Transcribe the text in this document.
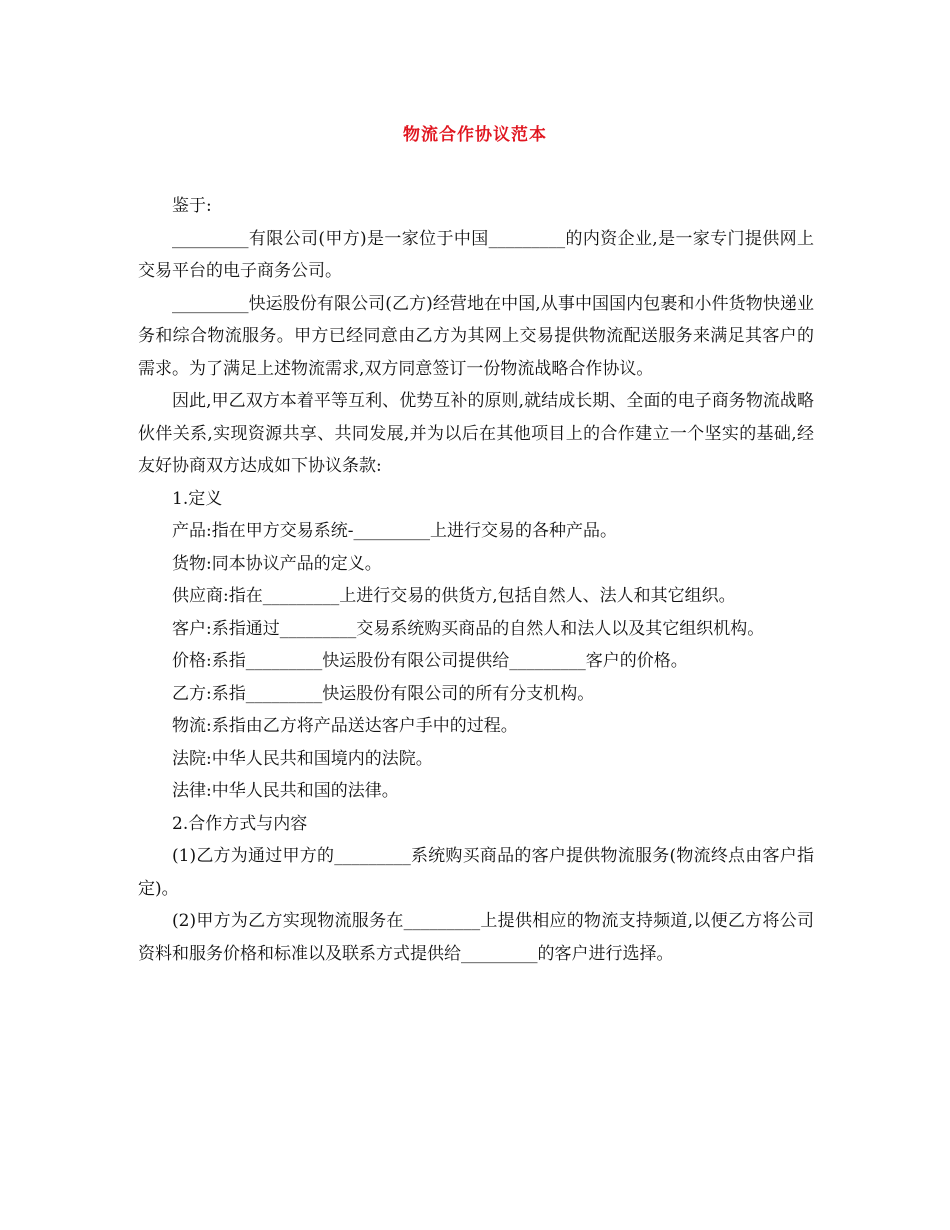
物流合作协议范本

鉴于:

_________有限公司(甲方)是一家位于中国_________的内资企业,是一家专门提供网上交易平台的电子商务公司。

_________快运股份有限公司(乙方)经营地在中国,从事中国国内包裹和小件货物快递业务和综合物流服务。甲方已经同意由乙方为其网上交易提供物流配送服务来满足其客户的需求。为了满足上述物流需求,双方同意签订一份物流战略合作协议。

因此,甲乙双方本着平等互利、优势互补的原则,就结成长期、全面的电子商务物流战略伙伴关系,实现资源共享、共同发展,并为以后在其他项目上的合作建立一个坚实的基础,经友好协商双方达成如下协议条款:

1.定义

产品:指在甲方交易系统-_________上进行交易的各种产品。

货物:同本协议产品的定义。

供应商:指在_________上进行交易的供货方,包括自然人、法人和其它组织。

客户:系指通过_________交易系统购买商品的自然人和法人以及其它组织机构。

价格:系指_________快运股份有限公司提供给_________客户的价格。

乙方:系指_________快运股份有限公司的所有分支机构。

物流:系指由乙方将产品送达客户手中的过程。

法院:中华人民共和国境内的法院。

法律:中华人民共和国的法律。

2.合作方式与内容

(1)乙方为通过甲方的_________系统购买商品的客户提供物流服务(物流终点由客户指定)。

(2)甲方为乙方实现物流服务在_________上提供相应的物流支持频道,以便乙方将公司资料和服务价格和标准以及联系方式提供给_________的客户进行选择。
